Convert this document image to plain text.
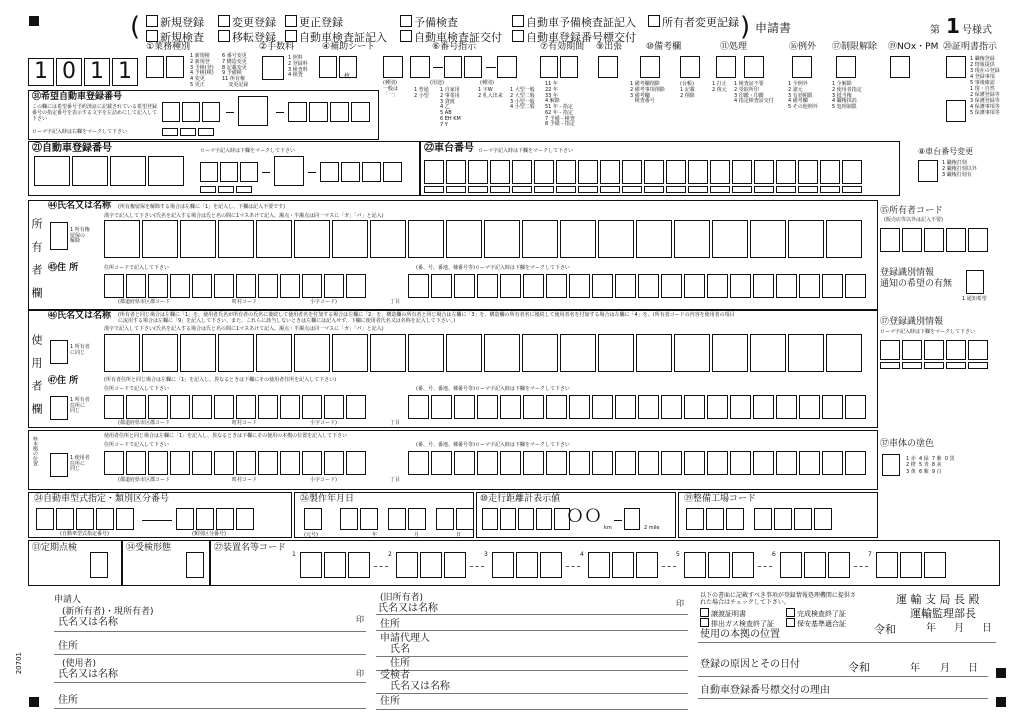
(	新規登録	変更登録	更正登録	予備検査	自動車予備検査証記入	所有者変更記録
新規検査	移転登録	自動車検査証記入	自動車検査証交付	自動車登録番号標交付	) 申請書	第 1 号様式
①業務種別	②手数料	④補助シート	⑥番号指示	⑦有効期間 ⑨出張	⑩備考欄	⑪処理	⑯例外 ⑰制限解除 ⑲NOx・PM ⑳証明書指示
1 0 1 1
1 新規検
2 新規登
3 予検(登)
4 予検(検)
4 変更
5 更正
6 番号変更
7 構造変更
8 記載変更
9 予備検
11 所有権
変更記録
1 照料
2 登録料
3 検査料
4 検査	枚
(種別)
一般は
「一」
(用途)
1 普通
2 小型
1 自家用
2 事業用
3 貸渡
4 乙
5 AB
6 EH KM
7 Y
(種別)
1 字W
2 札入出来
1 大型一般
2 大型二般
3 小型一般
4 小型二般
11 年
22 年
33 年
4 解除
51 年 - 指定
62 年 - 指定
7 予備 - 検査
8 予備 - 指定
1 備考欄削除
2 備考事項削除
3 備考欄
検査番号
(台帳)
1 記載
2 削除
1 打止
2 復元
1 検査証不要
2 受取所印
3 印鑑・印鑑
4 指定検査証交付
1 全例外
2 諸元
3 有効期限
4 備考欄
5 その他例外
1 全解除
2 使用者指定
3 抵当権
4 職権抹消
5 処理制限
1 職権登録
2 情報提供
3 現在の登録
4 登録事項
5 事後確認
1 現・自然
2 保護登録等
3 保護登録等
4 保護事項等
5 保護事項等
㉛希望自動車登録番号
この欄には希望番号予約済証に記載されている希望登録番号の指定番号を表示する文字を左詰めにして記入して下さい
ローマ字記入時は右欄をマークして下さい
㉑自動車登録番号	ローマ字記入時は下欄をマークして下さい	㉒車台番号 ローマ字記入時は下欄をマークして下さい	⑧車台番号変更
1 職権打刻
2 職権打刻以外
3 職権打刻有
所有者欄
㊹氏名又は名称 (所有権留保を解除する場合は左欄に「1」を記入し、下欄は記入不要です)
1 所有権
留保の
解除
漢字で記入して下さい(氏名を記入する場合は氏と名の間に1マスあけて記入、濁点・半濁点は同一マスに「ガ」「パ」と記入)
住所コードで記入して下さい
㊺住 所	(番、号、番地、棟番号等)ローマ字記入時は下欄をマークして下さい
(都道府県市区郡コード	町村コード	小字コード)	丁目
⑮所有者コード
(販売店等以外は記入不要)
登録識別情報
通知の希望の有無
1 通知希望
使用者欄
㊻氏名又は名称 (所有者と同じ場合は左欄に「1」を、使用者氏名が所有者の氏名に後続して使用者名を付加する場合は左欄に「2」を、構造欄の所有者と同じ場合は左欄に「3」を、構造欄の所有者名に後続して使用者名を付加する場合は左欄に「4」を、(所有者コードの内容を使用者の項目に流用する場合は左欄に「9」を記入して下さい。また、これらに該当しないときは左欄には記入せず、下欄に使用者氏名又は名称を記入して下さい。)
漢字で記入して下さい(氏名を記入する場合は氏と名の間に1マスあけて記入、濁点・半濁点は同一マスに「ガ」「パ」と記入)
1 所有者
に同じ
㊼住 所	(所有者住所と同じ場合は左欄に「1」を記入し、異なるときは下欄にその使用者住所を記入して下さい)
住所コードで記入して下さい	(番、号、番地、棟番号等)ローマ字記入時は下欄をマークして下さい
1 所有者
住所に
同じ
(都道府県市区郡コード	町村コード	小字コード)	丁目
⑰登録識別情報
ローマ字記入時は下欄をマークして下さい
㊽本拠の位置	使用者住所と同じ場合は左欄に「1」を記入し、異なるときは下欄にその使用の本拠の位置を記入して下さい
住所コードで記入して下さい	(番、号、番地、棟番号等)ローマ字記入時は下欄をマークして下さい
1 使用者
住所に
同じ
(都道府県市区郡コード	町村コード	小字コード)	丁目
㊲車体の塗色
1 赤  4 緑  7 紫  0 黒
2 橙  5 青  8 灰
3 黄  6 紫  9 白
㉔自動車型式指定・類別区分番号
(自動車型式指定番号)	(類別区分番号)
㉖製作年月日
(元号)	年	月	日
⑩走行距離計表示値
ＯＯ
km	2 mile
⑲整備工場コード
⑬定期点検	⑭受検形態	㉗装置名等コード
1	2	3	4	5	6	7
申請人
(新所有者)・現所有者)
氏名又は名称	印
住所
(使用者)
氏名又は名称	印
住所
(旧所有者)
氏名又は名称	印
住所
申請代理人
氏名
住所
受検者
氏名又は名称
住所
以下の書面に記載すべき事項が登録情報処理機関に提供された場合はチェックして下さい。
譲渡証明書	完成検査終了証
排出ガス検査終了証	保安基準適合証
使用の本拠の位置
運 輸 支 局 長 殿
運輸監理部長
令和	年 月 日
登録の原因とその日付	令和	年 月 日
自動車登録番号標交付の理由
20701
